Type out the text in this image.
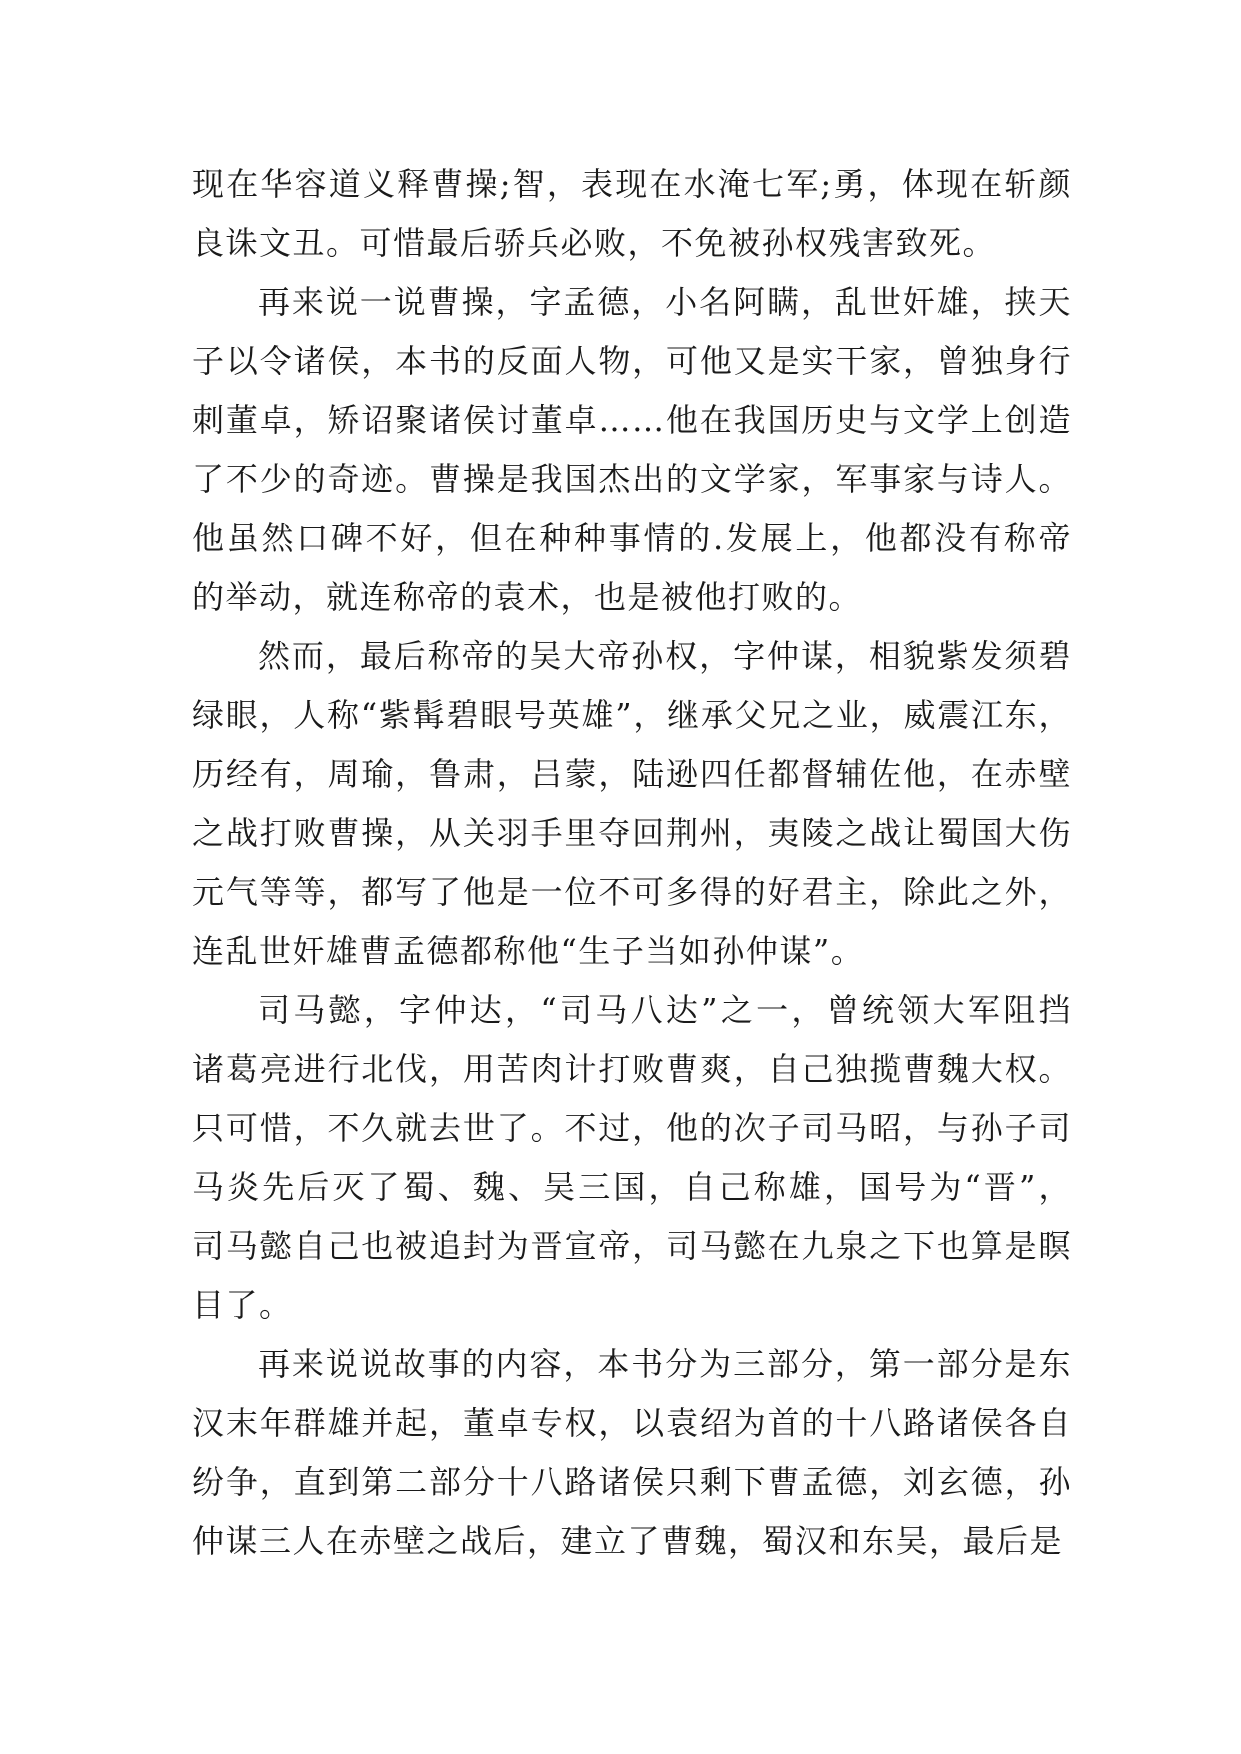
现在华容道义释曹操;智，表现在水淹七军;勇，体现在斩颜
良诛文丑。可惜最后骄兵必败，不免被孙权残害致死。
再来说一说曹操，字孟德，小名阿瞒，乱世奸雄，挟天
子以令诸侯，本书的反面人物，可他又是实干家，曾独身行
刺董卓，矫诏聚诸侯讨董卓……他在我国历史与文学上创造
了不少的奇迹。曹操是我国杰出的文学家，军事家与诗人。
他虽然口碑不好，但在种种事情的.发展上，他都没有称帝
的举动，就连称帝的袁术，也是被他打败的。
然而，最后称帝的吴大帝孙权，字仲谋，相貌紫发须碧
绿眼，人称“紫髯碧眼号英雄”，继承父兄之业，威震江东，
历经有，周瑜，鲁肃，吕蒙，陆逊四任都督辅佐他，在赤壁
之战打败曹操，从关羽手里夺回荆州，夷陵之战让蜀国大伤
元气等等，都写了他是一位不可多得的好君主，除此之外，
连乱世奸雄曹孟德都称他“生子当如孙仲谋”。
司马懿，字仲达，“司马八达”之一，曾统领大军阻挡
诸葛亮进行北伐，用苦肉计打败曹爽，自己独揽曹魏大权。
只可惜，不久就去世了。不过，他的次子司马昭，与孙子司
马炎先后灭了蜀、魏、吴三国，自己称雄，国号为“晋”，
司马懿自己也被追封为晋宣帝，司马懿在九泉之下也算是瞑
目了。
再来说说故事的内容，本书分为三部分，第一部分是东
汉末年群雄并起，董卓专权，以袁绍为首的十八路诸侯各自
纷争，直到第二部分十八路诸侯只剩下曹孟德，刘玄德，孙
仲谋三人在赤壁之战后，建立了曹魏，蜀汉和东吴，最后是
